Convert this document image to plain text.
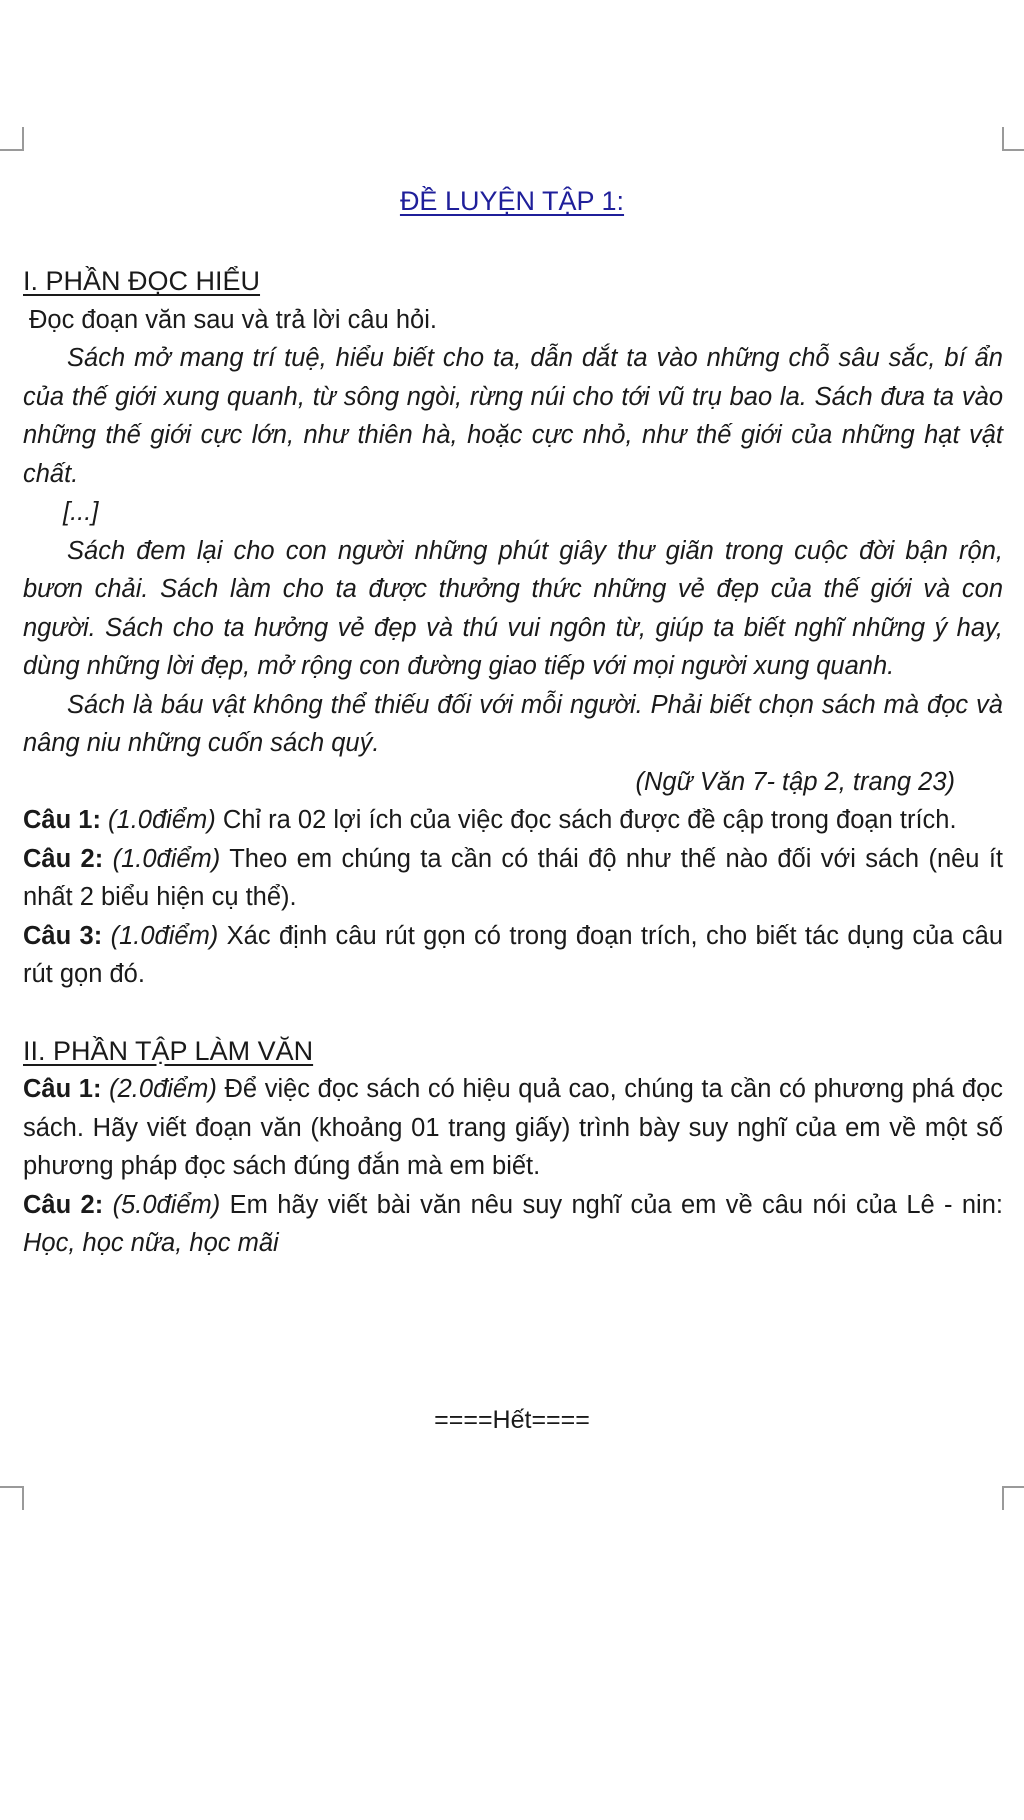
ĐỀ LUYỆN TẬP 1:

I. PHẦN ĐỌC HIỂU

Đọc đoạn văn sau và trả lời câu hỏi.

Sách mở mang trí tuệ, hiểu biết cho ta, dẫn dắt ta vào những chỗ sâu sắc, bí ẩn của thế giới xung quanh, từ sông ngòi, rừng núi cho tới vũ trụ bao la. Sách đưa ta vào những thế giới cực lớn, như thiên hà, hoặc cực nhỏ, như thế giới của những hạt vật chất.

[...]

Sách đem lại cho con người những phút giây thư giãn trong cuộc đời bận rộn, bươn chải. Sách làm cho ta được thưởng thức những vẻ đẹp của thế giới và con người. Sách cho ta hưởng vẻ đẹp và thú vui ngôn từ, giúp ta biết nghĩ những ý hay, dùng những lời đẹp, mở rộng con đường giao tiếp với mọi người xung quanh.

Sách là báu vật không thể thiếu đối với mỗi người. Phải biết chọn sách mà đọc và nâng niu những cuốn sách quý.

(Ngữ Văn 7- tập 2, trang 23)

Câu 1: (1.0điểm) Chỉ ra 02 lợi ích của việc đọc sách được đề cập trong đoạn trích.

Câu 2: (1.0điểm) Theo em chúng ta cần có thái độ như thế nào đối với sách (nêu ít nhất 2 biểu hiện cụ thể).

Câu 3: (1.0điểm) Xác định câu rút gọn có trong đoạn trích, cho biết tác dụng của câu rút gọn đó.

II. PHẦN TẬP LÀM VĂN

Câu 1: (2.0điểm) Để việc đọc sách có hiệu quả cao, chúng ta cần có phương phá đọc sách. Hãy viết đoạn văn (khoảng 01 trang giấy) trình bày suy nghĩ của em về một số phương pháp đọc sách đúng đắn mà em biết.

Câu 2: (5.0điểm) Em hãy viết bài văn nêu suy nghĩ của em về câu nói của Lê - nin: Học, học nữa, học mãi

====Hết====
